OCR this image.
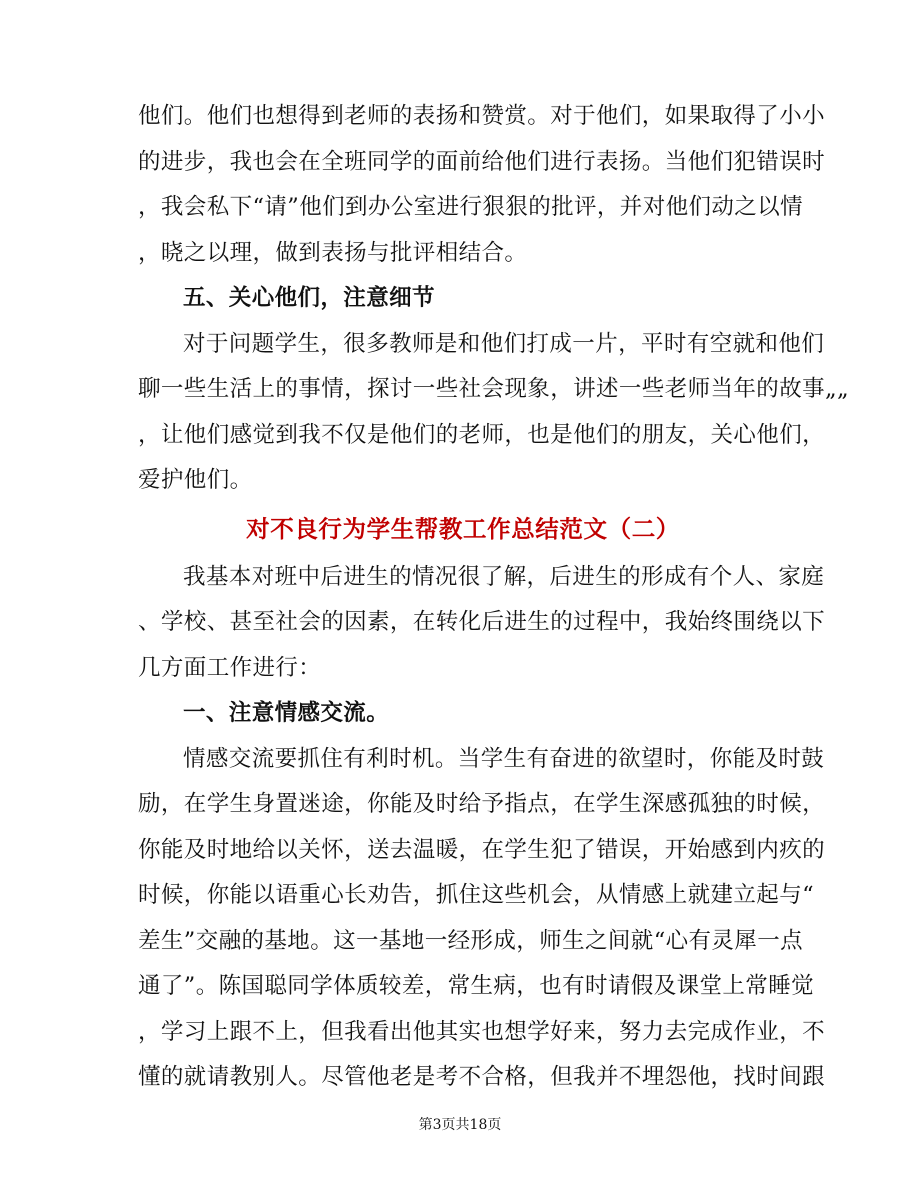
他们。他们也想得到老师的表扬和赞赏。对于他们，如果取得了小小
的进步，我也会在全班同学的面前给他们进行表扬。当他们犯错误时
，我会私下“请”他们到办公室进行狠狠的批评，并对他们动之以情
，晓之以理，做到表扬与批评相结合。
五、关心他们，注意细节
对于问题学生，很多教师是和他们打成一片，平时有空就和他们
聊一些生活上的事情，探讨一些社会现象，讲述一些老师当年的故事„„
，让他们感觉到我不仅是他们的老师，也是他们的朋友，关心他们，
爱护他们。
对不良行为学生帮教工作总结范文（二）
我基本对班中后进生的情况很了解，后进生的形成有个人、家庭
、学校、甚至社会的因素，在转化后进生的过程中，我始终围绕以下
几方面工作进行：
一、注意情感交流。
情感交流要抓住有利时机。当学生有奋进的欲望时，你能及时鼓
励，在学生身置迷途，你能及时给予指点，在学生深感孤独的时候，
你能及时地给以关怀，送去温暖，在学生犯了错误，开始感到内疚的
时候，你能以语重心长劝告，抓住这些机会，从情感上就建立起与“
差生”交融的基地。这一基地一经形成，师生之间就“心有灵犀一点
通了”。陈国聪同学体质较差，常生病，也有时请假及课堂上常睡觉
，学习上跟不上，但我看出他其实也想学好来，努力去完成作业，不
懂的就请教别人。尽管他老是考不合格，但我并不埋怨他，找时间跟
第3页共18页
